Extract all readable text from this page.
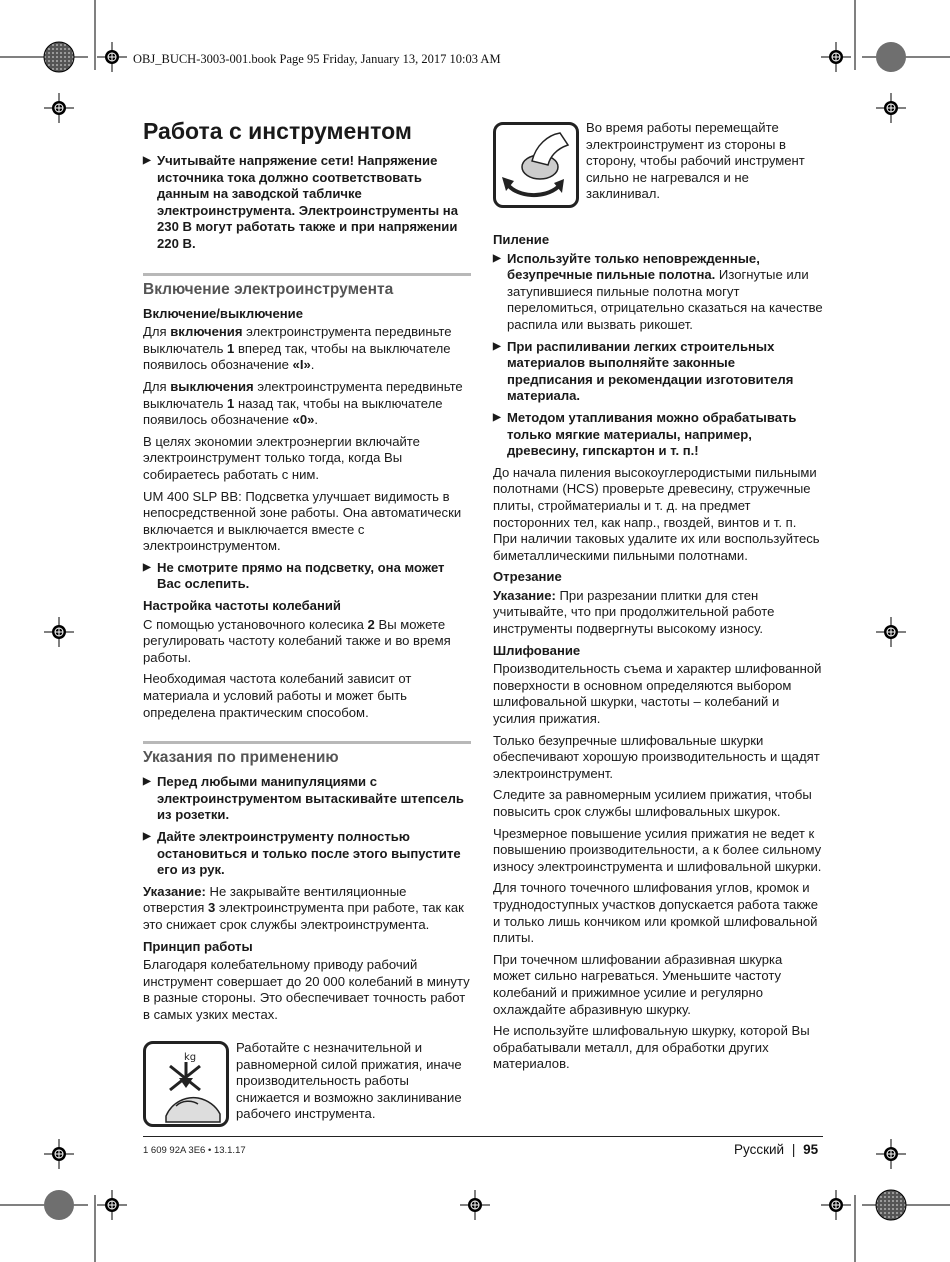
OBJ_BUCH-3003-001.book Page 95 Friday, January 13, 2017 10:03 AM
Работа с инструментом
▶ Учитывайте напряжение сети! Напряжение источника тока должно соответствовать данным на заводской табличке электроинструмента. Электроинструменты на 230 В могут работать также и при напряжении 220 В.
Включение электроинструмента
Включение/выключение

Для включения электроинструмента передвиньте выключатель 1 вперед так, чтобы на выключателе появилось обозначение «I».

Для выключения электроинструмента передвиньте выключатель 1 назад так, чтобы на выключателе появилось обозначение «0».

В целях экономии электроэнергии включайте электроинструмент только тогда, когда Вы собираетесь работать с ним.

UM 400 SLP BB: Подсветка улучшает видимость в непосредственной зоне работы. Она автоматически включается и выключается вместе с электроинструментом.

▶ Не смотрите прямо на подсветку, она может Вас ослепить.
Настройка частоты колебаний

С помощью установочного колесика 2 Вы можете регулировать частоту колебаний также и во время работы.

Необходимая частота колебаний зависит от материала и условий работы и может быть определена практическим способом.

Указания по применению
▶ Перед любыми манипуляциями с электроинструментом вытаскивайте штепсель из розетки.
▶ Дайте электроинструменту полностью остановиться и только после этого выпустите его из рук.

Указание: Не закрывайте вентиляционные отверстия 3 электроинструмента при работе, так как это снижает срок службы электроинструмента.

Принцип работы

Благодаря колебательному приводу рабочий инструмент совершает до 20 000 колебаний в минуту в разные стороны. Это обеспечивает точность работ в самых узких местах.

kg
Работайте с незначительной и равномерной силой прижатия, иначе производительность работы снижается и возможно заклинивание рабочего инструмента.
Во время работы перемещайте электроинструмент из стороны в сторону, чтобы рабочий инструмент сильно не нагревался и не заклинивал.
Пиление
▶ Используйте только неповрежденные, безупречные пильные полотна. Изогнутые или затупившиеся пильные полотна могут переломиться, отрицательно сказаться на качестве распила или вызвать рикошет.
▶ При распиливании легких строительных материалов выполняйте законные предписания и рекомендации изготовителя материала.
▶ Методом утапливания можно обрабатывать только мягкие материалы, например, древесину, гипскартон и т. п.!

До начала пиления высокоуглеродистыми пильными полотнами (HCS) проверьте древесину, стружечные плиты, стройматериалы и т. д. на предмет посторонних тел, как напр., гвоздей, винтов и т. п. При наличии таковых удалите их или воспользуйтесь биметаллическими пильными полотнами.

Отрезание

Указание: При разрезании плитки для стен учитывайте, что при продолжительной работе инструменты подвергнуты высокому износу.

Шлифование

Производительность съема и характер шлифованной поверхности в основном определяются выбором шлифовальной шкурки, частоты – колебаний и усилия прижатия.

Только безупречные шлифовальные шкурки обеспечивают хорошую производительность и щадят электроинструмент.

Следите за равномерным усилием прижатия, чтобы повысить срок службы шлифовальных шкурок.

Чрезмерное повышение усилия прижатия не ведет к повышению производительности, а к более сильному износу электроинструмента и шлифовальной шкурки.

Для точного точечного шлифования углов, кромок и труднодоступных участков допускается работа также и только лишь кончиком или кромкой шлифовальной плиты.

При точечном шлифовании абразивная шкурка может сильно нагреваться. Уменьшите частоту колебаний и прижимное усилие и регулярно охлаждайте абразивную шкурку.

Не используйте шлифовальную шкурку, которой Вы обрабатывали металл, для обработки других материалов.

1 609 92A 3E6 • 13.1.17	Русский | 95
